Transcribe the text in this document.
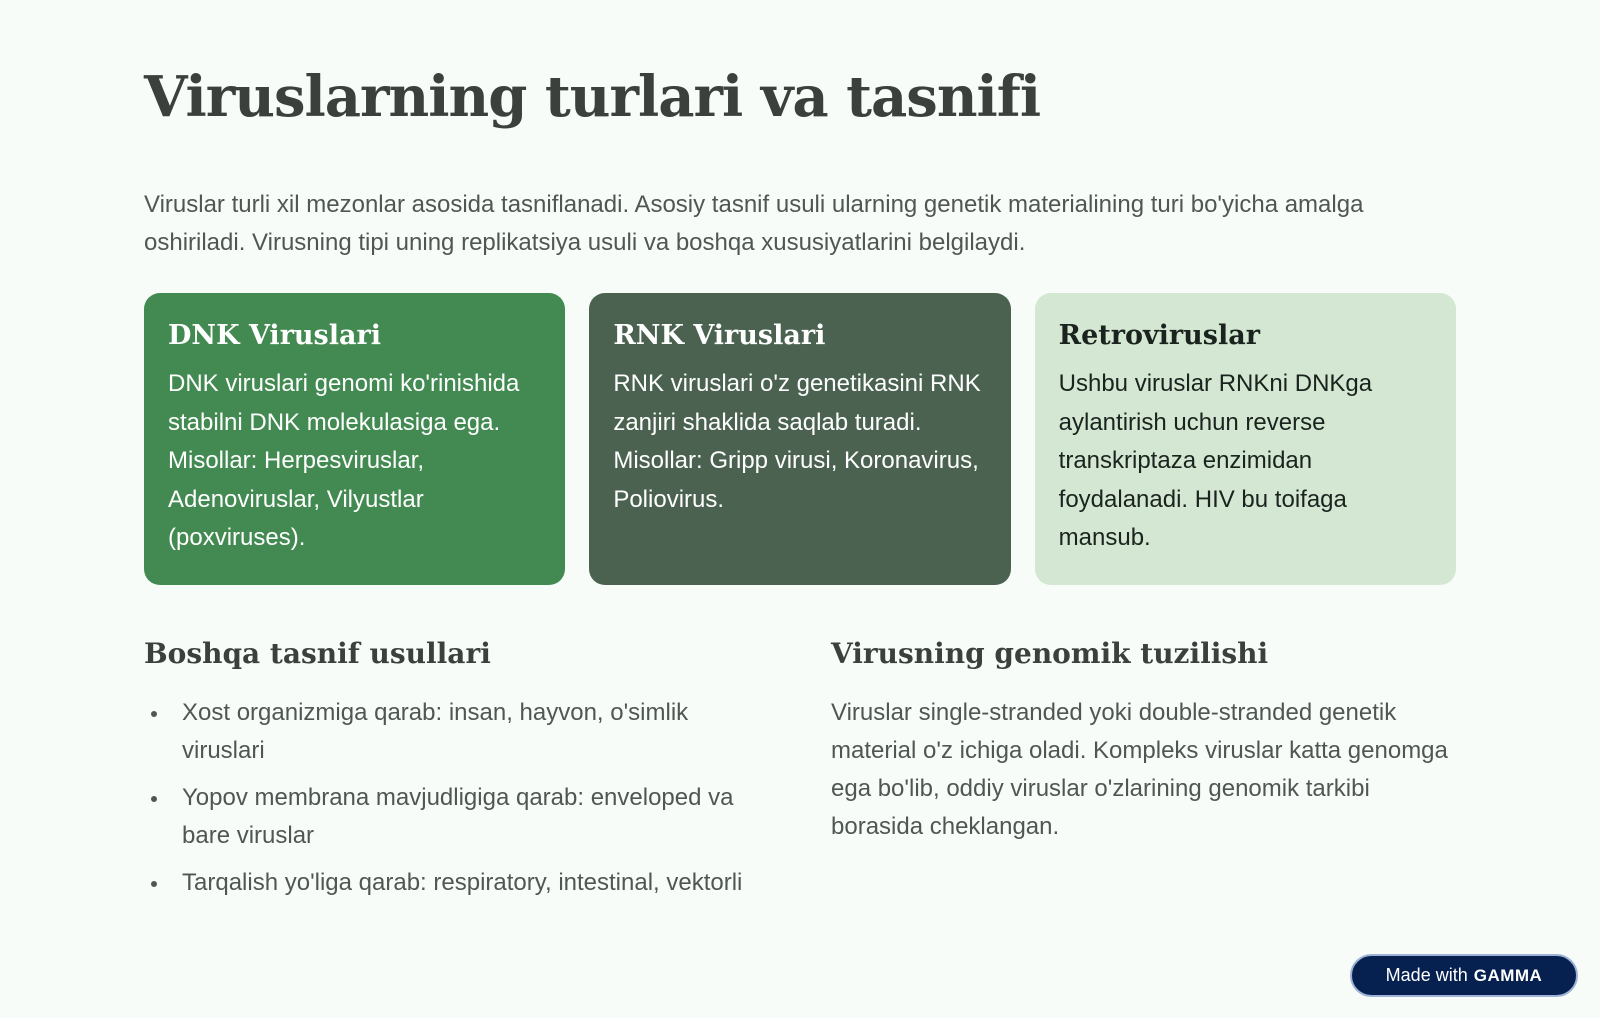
Viruslarning turlari va tasnifi

Viruslar turli xil mezonlar asosida tasniflanadi. Asosiy tasnif usuli ularning genetik materialining turi bo'yicha amalga oshiriladi. Virusning tipi uning replikatsiya usuli va boshqa xususiyatlarini belgilaydi.

DNK Viruslari

DNK viruslari genomi ko'rinishida stabilni DNK molekulasiga ega. Misollar: Herpesviruslar, Adenoviruslar, Vilyustlar (poxviruses).

RNK Viruslari

RNK viruslari o'z genetikasini RNK zanjiri shaklida saqlab turadi. Misollar: Gripp virusi, Koronavirus, Poliovirus.

Retroviruslar

Ushbu viruslar RNKni DNKga aylantirish uchun reverse transkriptaza enzimidan foydalanadi. HIV bu toifaga mansub.

Boshqa tasnif usullari
Xost organizmiga qarab: insan, hayvon, o'simlik viruslari
Yopov membrana mavjudligiga qarab: enveloped va bare viruslar
Tarqalish yo'liga qarab: respiratory, intestinal, vektorli
Virusning genomik tuzilishi

Viruslar single-stranded yoki double-stranded genetik material o'z ichiga oladi. Kompleks viruslar katta genomga ega bo'lib, oddiy viruslar o'zlarining genomik tarkibi borasida cheklangan.

Made with GAMMA
